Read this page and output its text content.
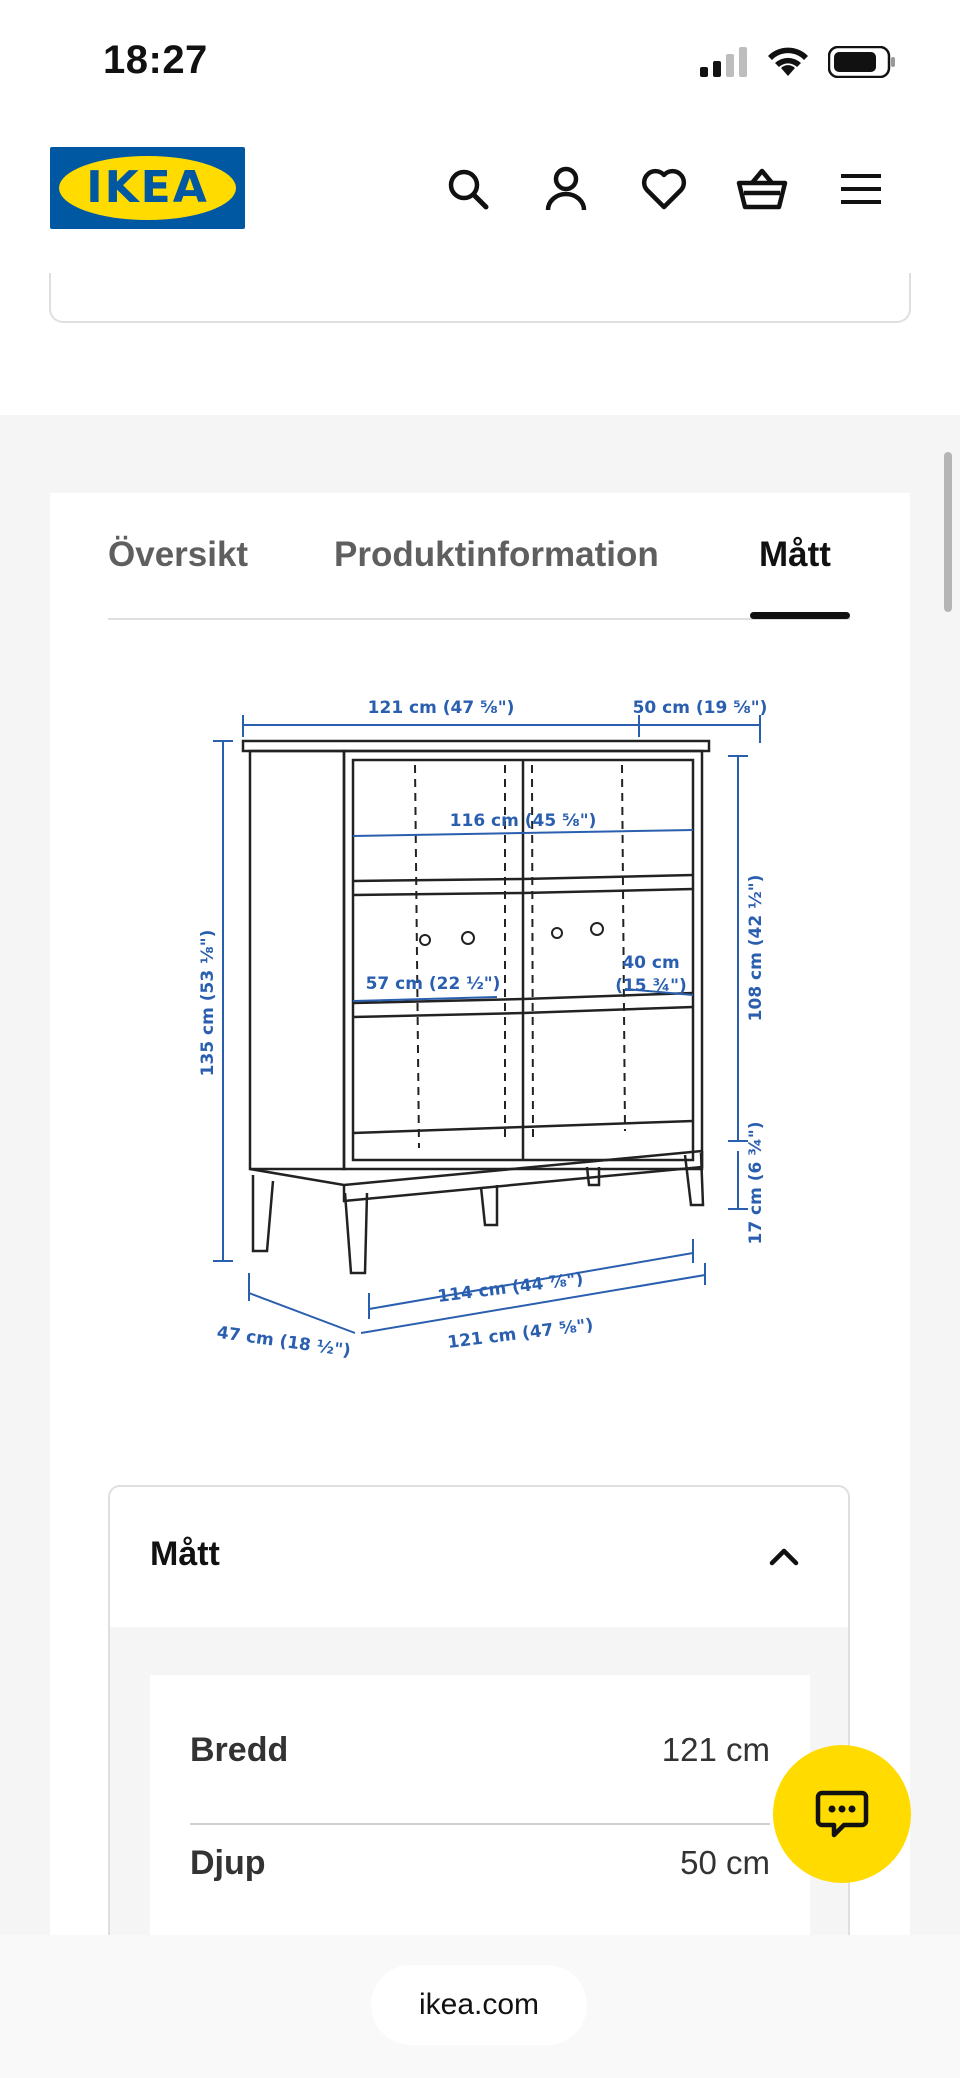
18:27
IKEA
Översikt Produktinformation	Mått
121 cm (47 ⅝")	50 cm (19 ⅝")
116 cm (45 ⅝")
135 cm (53 ⅛")	108 cm (42 ½")
57 cm (22 ½")
40 cm
(15 ¾")
17 cm (6 ¾")
114 cm (44 ⅞")
121 cm (47 ⅝")
47 cm (18 ½")
Mått
Bredd	121 cm
Djup	50 cm
ikea.com
